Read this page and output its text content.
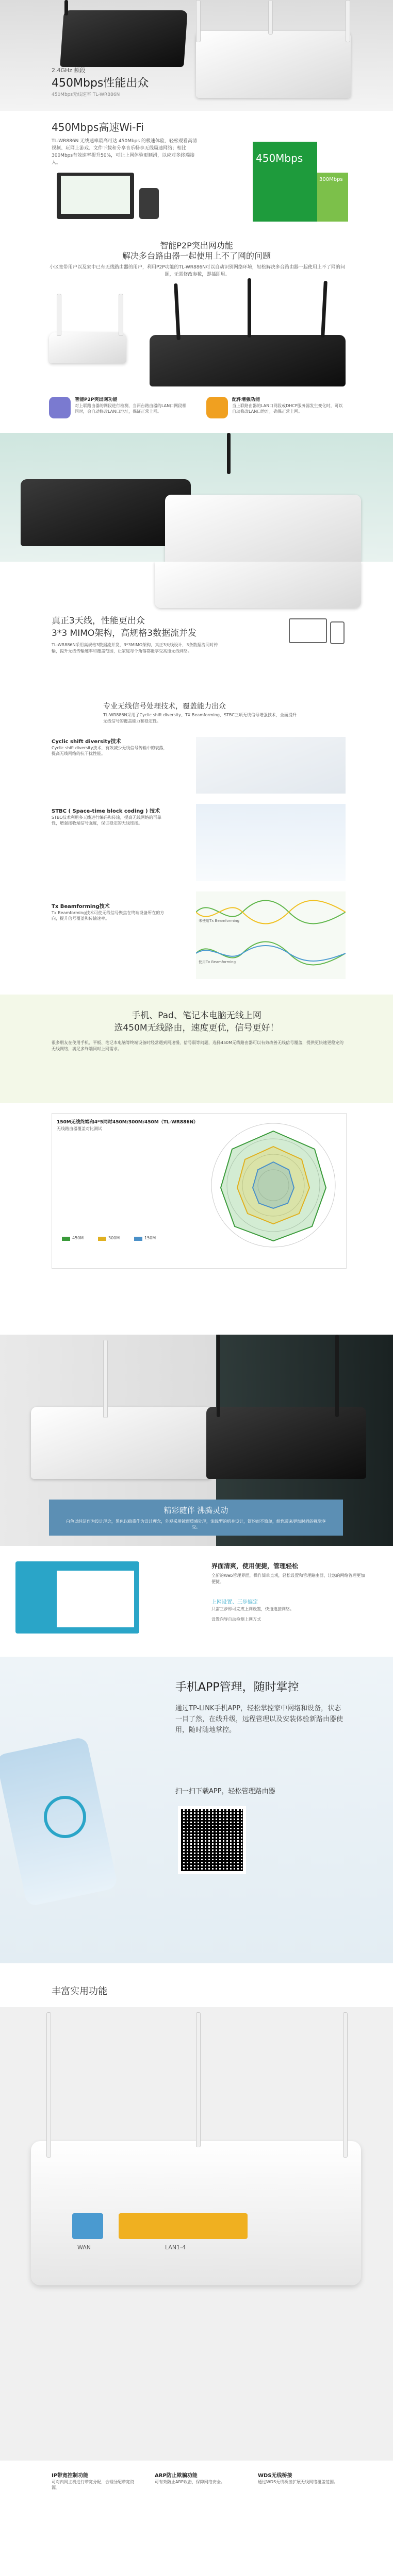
2.4GHz 频段
450Mbps性能出众
450Mbps无线速率 TL-WR886N
450Mbps高速Wi-Fi
TL-WR886N 无线速率最高可达 450Mbps 的极速体验，轻松观看高清视频、玩网上游戏、文件下载和分享音乐畅享无线局速网络；相比300Mbps有效速率提升50%，可让上网体验更顺滑，以应对多终端接入。	450Mbps
300Mbps
智能P2P突出网功能
解决多台路由器一起使用上不了网的问题
小区宽带用户以及家中已有无线路由器的用户，利用P2P功能的TL-WR886N可以自动识别网络环境，轻松解决多台路由器一起使用上不了网的问题，无需修改参数，即插即用。
智能P2P突出网功能
对上联路由器的网段进行检测，当两台路由器的LAN口网段相同时，会自动修改LAN口地址，保证正常上网。
配件增强功能
当上联路由器的LAN口网段或DHCP服务器发生变化时，可以自动修改LAN口地址，确保正常上网。
真正3天线，性能更出众
3*3 MIMO架构，高规格3数据流并发
TL-WR886N采用高规格3数据流并发，3*3MIMO架构，真正3天线设计，3条数据流同时传输，提升无线传输速率和覆盖范围，让家庭每个角落都能享受高速无线网络。
专业无线信号处理技术，覆盖能力出众
TL-WR886N采用了Cyclic shift diversity、TX Beamforming、STBC三项无线信号增强技术，全面提升无线信号的覆盖能力和稳定性。
Cyclic shift diversity技术
Cyclic shift diversity技术，有效减少无线信号传输中的衰落，提高无线网络的抗干扰性能。
STBC ( Space-time block coding ) 技术
STBC技术利用多天线进行编码和传输，提高无线网络的可靠性，增强接收端信号强度，保证稳定的无线连接。
Tx Beamforming技术
Tx Beamforming技术可使无线信号聚焦在终端设备所在的方向，提升信号覆盖和传输速率。	未使用Tx Beamforming
使用Tx Beamforming
手机、Pad、笔记本电脑无线上网
选450M无线路由，速度更优，信号更好！
很多朋友在使用手机、平板、笔记本电脑等终端设备时经常遇到网速慢、信号弱等问题，选择450M无线路由器可以有效改善无线信号覆盖，提供更快速更稳定的无线网络，满足多终端同时上网需求。
150M无线终端和4*5同时450M/300M/450M（TL-WR886N）
无线路由器覆盖对比测试
450M	300M	150M
精彩随伴 沸腾灵动
白色以纯洁作为设计理念，黑色以稳重作为设计理念，外观采用镜面质感处理，流线型的机身设计，简约而不简单，给您带来更加时尚的视觉享受。
界面清爽，使用便捷，管理轻松
全新的Web管理界面，操作简单直观，轻松设置和管理路由器，让您的网络管理更加便捷。
上网设置、三步搞定
只需三步即可完成上网设置，快速连接网络。
设置向导自动检测上网方式
手机APP管理，随时掌控
通过TP-LINK手机APP，轻松掌控家中网络和设备，状态一目了然，在线升级，远程管理以及安装体验新路由器使用，随时随地掌控。
扫一扫下载APP，轻松管理路由器
丰富实用功能
WAN	LAN1-4
IP带宽控制功能
可对内网主机进行带宽分配，合理分配带宽资源。
ARP防止欺骗功能
可有效防止ARP攻击，保障网络安全。
WDS无线桥接
通过WDS无线桥接扩展无线网络覆盖范围。
